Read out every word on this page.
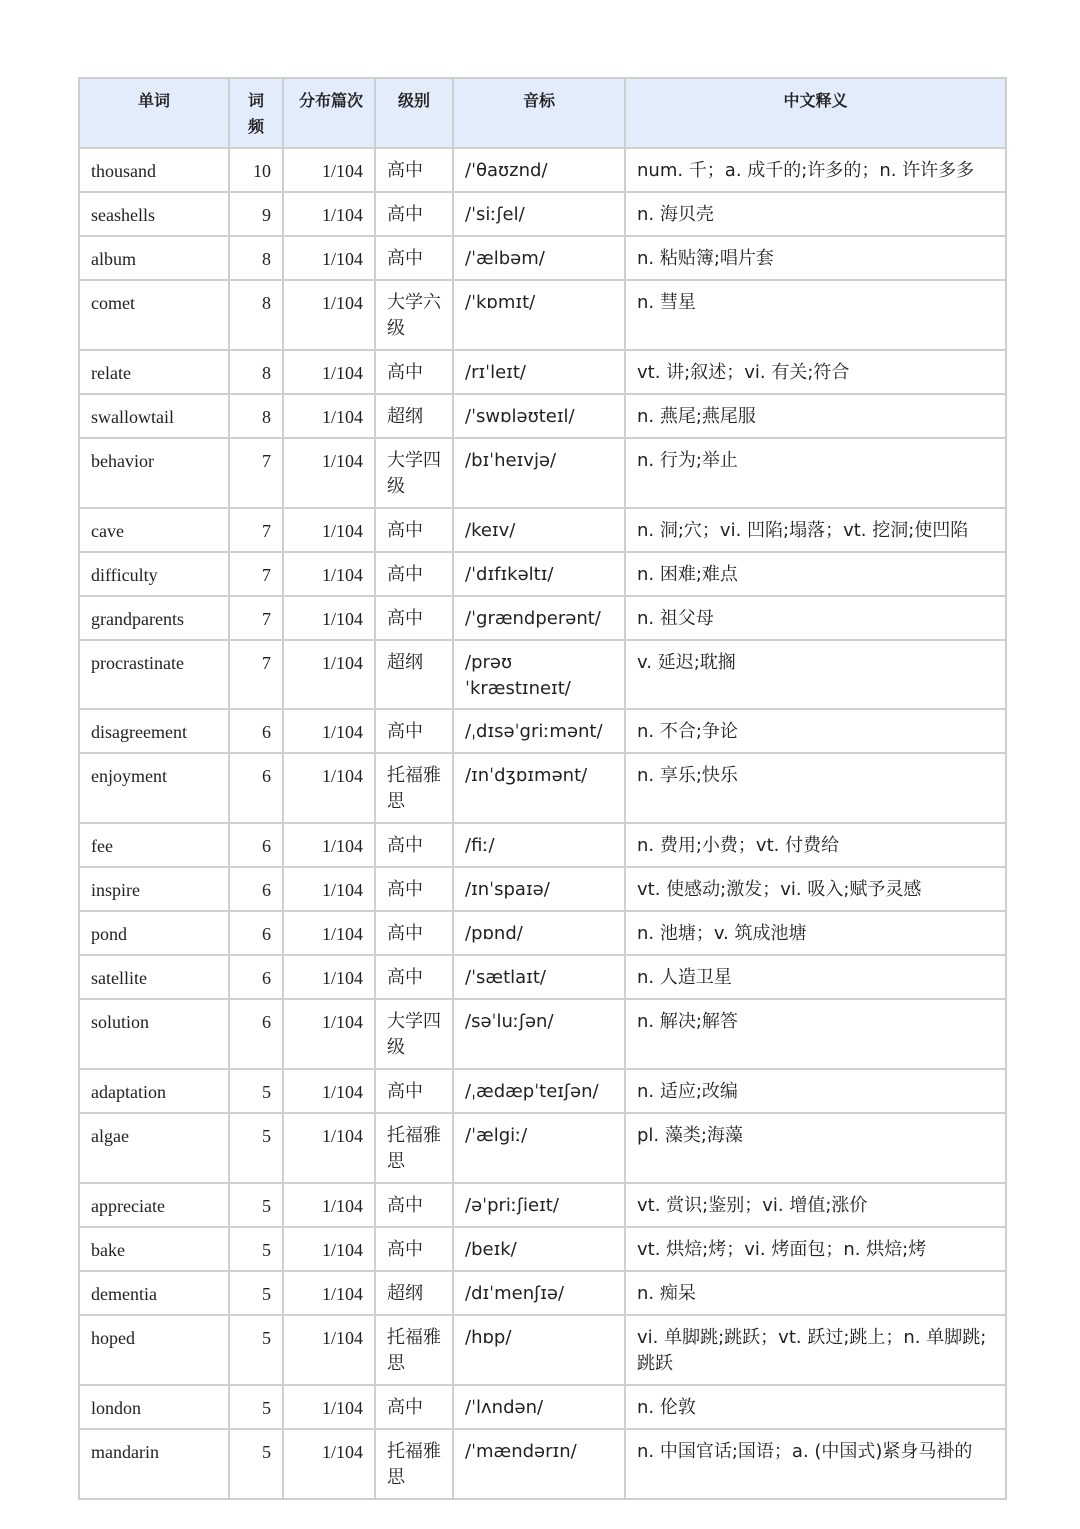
单词	词频	分布篇次	级别	音标	中文释义
thousand	10	1/104	高中	/ˈθaʊznd/	num. 千；a. 成千的;许多的；n. 许许多多
seashells	9	1/104	高中	/ˈsiːʃel/	n. 海贝壳
album	8	1/104	高中	/ˈælbəm/	n. 粘贴簿;唱片套
comet	8	1/104	大学六级	/ˈkɒmɪt/	n. 彗星
relate	8	1/104	高中	/rɪˈleɪt/	vt. 讲;叙述；vi. 有关;符合
swallowtail	8	1/104	超纲	/ˈswɒləʊteɪl/	n. 燕尾;燕尾服
behavior	7	1/104	大学四级	/bɪˈheɪvjə/	n. 行为;举止
cave	7	1/104	高中	/keɪv/	n. 洞;穴；vi. 凹陷;塌落；vt. 挖洞;使凹陷
difficulty	7	1/104	高中	/ˈdɪfɪkəltɪ/	n. 困难;难点
grandparents	7	1/104	高中	/ˈgrændperənt/	n. 祖父母
procrastinate	7	1/104	超纲	/prəʊˈkræstɪneɪt/	v. 延迟;耽搁
disagreement	6	1/104	高中	/ˌdɪsəˈgriːmənt/	n. 不合;争论
enjoyment	6	1/104	托福雅思	/ɪnˈdʒɒɪmənt/	n. 享乐;快乐
fee	6	1/104	高中	/fiː/	n. 费用;小费；vt. 付费给
inspire	6	1/104	高中	/ɪnˈspaɪə/	vt. 使感动;激发；vi. 吸入;赋予灵感
pond	6	1/104	高中	/pɒnd/	n. 池塘；v. 筑成池塘
satellite	6	1/104	高中	/ˈsætlaɪt/	n. 人造卫星
solution	6	1/104	大学四级	/səˈluːʃən/	n. 解决;解答
adaptation	5	1/104	高中	/ˌædæpˈteɪʃən/	n. 适应;改编
algae	5	1/104	托福雅思	/ˈælgiː/	pl. 藻类;海藻
appreciate	5	1/104	高中	/əˈpriːʃieɪt/	vt. 赏识;鉴别；vi. 增值;涨价
bake	5	1/104	高中	/beɪk/	vt. 烘焙;烤；vi. 烤面包；n. 烘焙;烤
dementia	5	1/104	超纲	/dɪˈmenʃɪə/	n. 痴呆
hoped	5	1/104	托福雅思	/hɒp/	vi. 单脚跳;跳跃；vt. 跃过;跳上；n. 单脚跳;跳跃
london	5	1/104	高中	/ˈlʌndən/	n. 伦敦
mandarin	5	1/104	托福雅思	/ˈmændərɪn/	n. 中国官话;国语；a. (中国式)紧身马褂的
